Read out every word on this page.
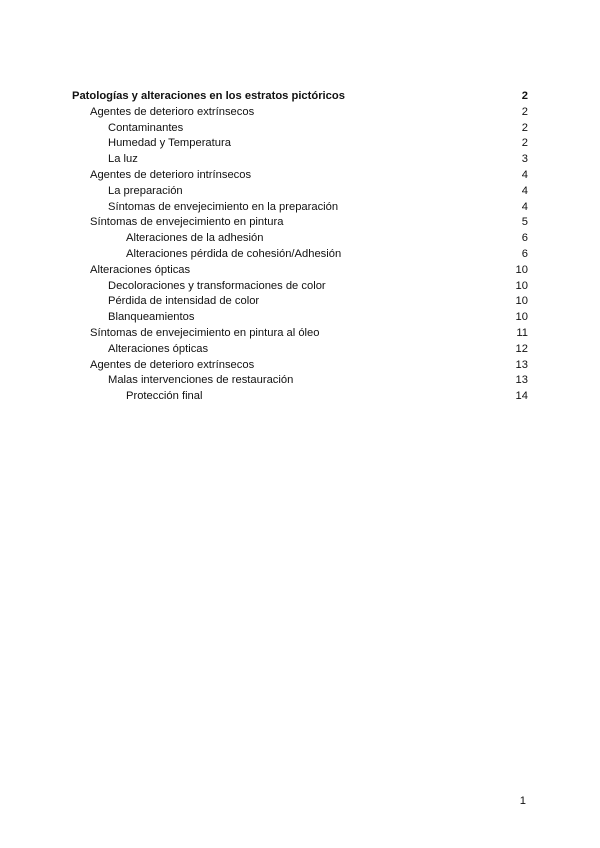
Patologías y alteraciones en los estratos pictóricos	2
Agentes de deterioro extrínsecos	2
Contaminantes	2
Humedad y Temperatura	2
La luz	3
Agentes de deterioro intrínsecos	4
La preparación	4
Síntomas de envejecimiento en la preparación	4
Síntomas de envejecimiento en pintura	5
Alteraciones de la adhesión	6
Alteraciones pérdida de cohesión/Adhesión	6
Alteraciones ópticas	10
Decoloraciones y transformaciones de color	10
Pérdida de intensidad de color	10
Blanqueamientos	10
Síntomas de envejecimiento en pintura al óleo	11
Alteraciones ópticas	12
Agentes de deterioro extrínsecos	13
Malas intervenciones de restauración	13
Protección final	14
1
